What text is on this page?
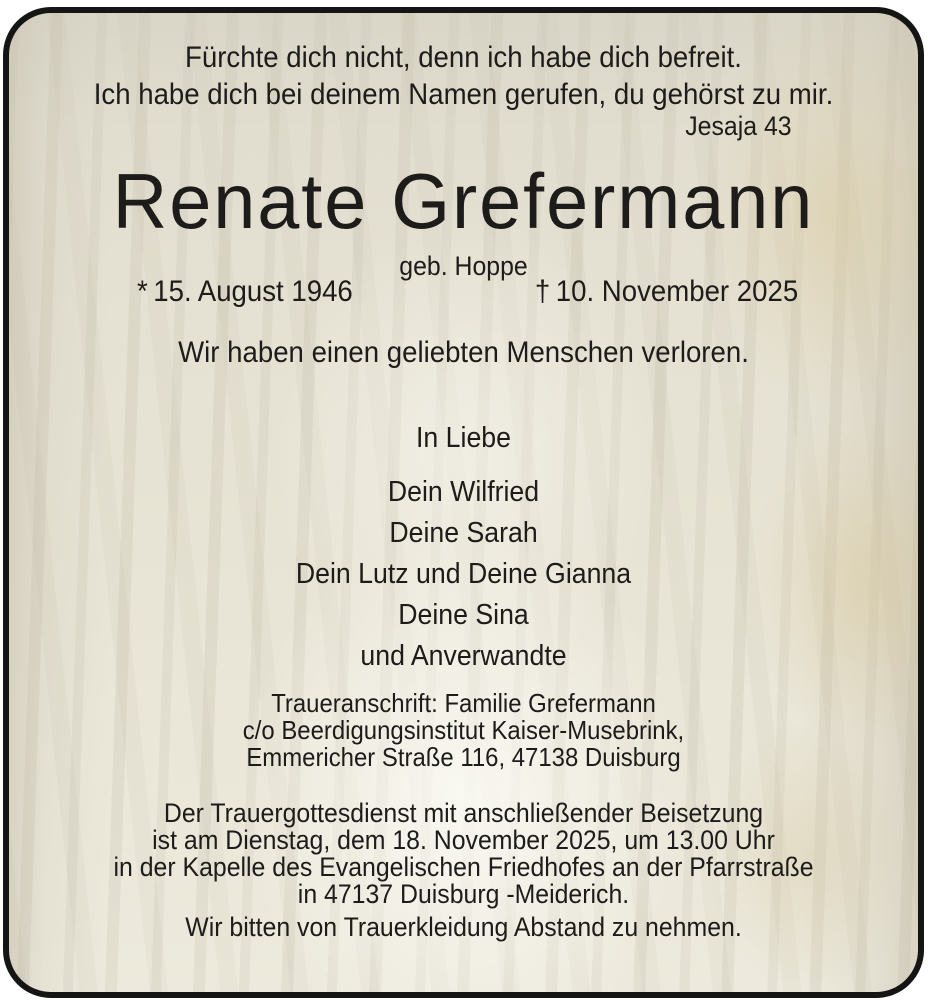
Fürchte dich nicht, denn ich habe dich befreit.
Ich habe dich bei deinem Namen gerufen, du gehörst zu mir.
Jesaja 43
Renate Grefermann
geb. Hoppe
* 15. August 1946	† 10. November 2025
Wir haben einen geliebten Menschen verloren.
In Liebe
Dein Wilfried
Deine Sarah
Dein Lutz und Deine Gianna
Deine Sina
und Anverwandte
Traueranschrift: Familie Grefermann
c/o Beerdigungsinstitut Kaiser-Musebrink,
Emmericher Straße 116, 47138 Duisburg
Der Trauergottesdienst mit anschließender Beisetzung
ist am Dienstag, dem 18. November 2025, um 13.00 Uhr
in der Kapelle des Evangelischen Friedhofes an der Pfarrstraße
in 47137 Duisburg -Meiderich.
Wir bitten von Trauerkleidung Abstand zu nehmen.
